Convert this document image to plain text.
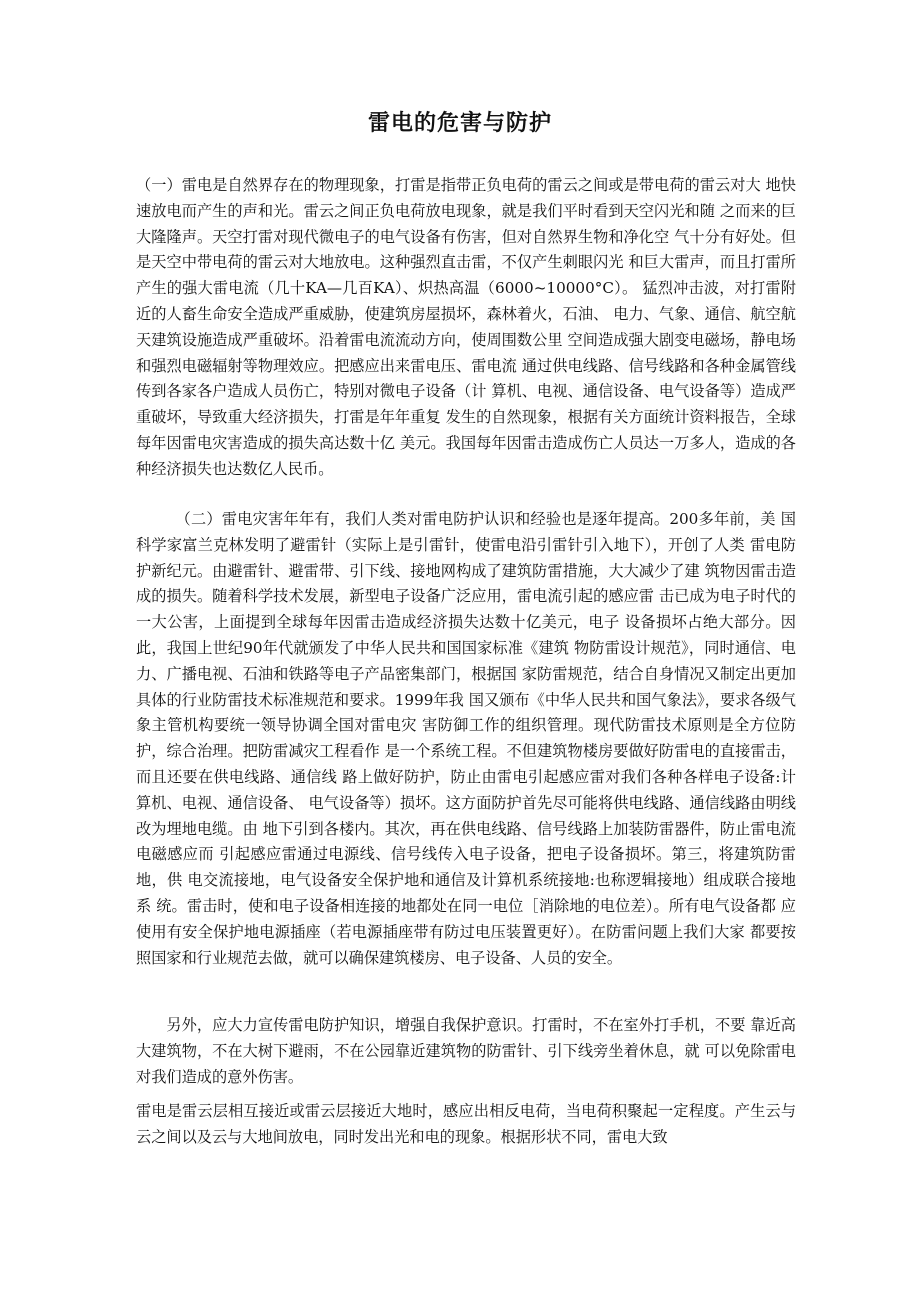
雷电的危害与防护

（一）雷电是自然界存在的物理现象，打雷是指带正负电荷的雷云之间或是带电荷的雷云对大 地快速放电而产生的声和光。雷云之间正负电荷放电现象，就是我们平时看到天空闪光和随 之而来的巨大隆隆声。天空打雷对现代微电子的电气设备有伤害，但对自然界生物和净化空 气十分有好处。但是天空中带电荷的雷云对大地放电。这种强烈直击雷，不仅产生刺眼闪光 和巨大雷声，而且打雷所产生的强大雷电流（几十KA—几百KA）、炽热高温（6000~10000°C）。 猛烈冲击波，对打雷附近的人畜生命安全造成严重威胁，使建筑房屋损坏，森林着火，石油、 电力、气象、通信、航空航天建筑设施造成严重破坏。沿着雷电流流动方向，使周围数公里 空间造成强大剧变电磁场，静电场和强烈电磁辐射等物理效应。把感应出来雷电压、雷电流 通过供电线路、信号线路和各种金属管线传到各家各户造成人员伤亡，特别对微电子设备（计 算机、电视、通信设备、电气设备等）造成严重破坏，导致重大经济损失，打雷是年年重复 发生的自然现象，根据有关方面统计资料报告，全球每年因雷电灾害造成的损失高达数十亿 美元。我国每年因雷击造成伤亡人员达一万多人，造成的各种经济损失也达数亿人民币。

（二）雷电灾害年年有，我们人类对雷电防护认识和经验也是逐年提高。200多年前，美 国科学家富兰克林发明了避雷针（实际上是引雷针，使雷电沿引雷针引入地下），开创了人类 雷电防护新纪元。由避雷针、避雷带、引下线、接地网构成了建筑防雷措施，大大减少了建 筑物因雷击造成的损失。随着科学技术发展，新型电子设备广泛应用，雷电流引起的感应雷 击已成为电子时代的一大公害，上面提到全球每年因雷击造成经济损失达数十亿美元，电子 设备损坏占绝大部分。因此，我国上世纪90年代就颁发了中华人民共和国国家标准《建筑 物防雷设计规范》，同时通信、电力、广播电视、石油和铁路等电子产品密集部门，根据国 家防雷规范，结合自身情况又制定出更加具体的行业防雷技术标准规范和要求。1999年我 国又颁布《中华人民共和国气象法》，要求各级气象主管机构要统一领导协调全国对雷电灾 害防御工作的组织管理。现代防雷技术原则是全方位防护，综合治理。把防雷减灾工程看作 是一个系统工程。不但建筑物楼房要做好防雷电的直接雷击，而且还要在供电线路、通信线 路上做好防护，防止由雷电引起感应雷对我们各种各样电子设备:计算机、电视、通信设备、 电气设备等）损坏。这方面防护首先尽可能将供电线路、通信线路由明线改为埋地电缆。由 地下引到各楼内。其次，再在供电线路、信号线路上加装防雷器件，防止雷电流电磁感应而 引起感应雷通过电源线、信号线传入电子设备，把电子设备损坏。第三，将建筑防雷地，供 电交流接地，电气设备安全保护地和通信及计算机系统接地:也称逻辑接地）组成联合接地系 统。雷击时，使和电子设备相连接的地都处在同一电位［消除地的电位差）。所有电气设备都 应使用有安全保护地电源插座（若电源插座带有防过电压装置更好）。在防雷问题上我们大家 都要按照国家和行业规范去做，就可以确保建筑楼房、电子设备、人员的安全。

另外，应大力宣传雷电防护知识，增强自我保护意识。打雷时，不在室外打手机，不要 靠近高大建筑物，不在大树下避雨，不在公园靠近建筑物的防雷针、引下线旁坐着休息，就 可以免除雷电对我们造成的意外伤害。

雷电是雷云层相互接近或雷云层接近大地时，感应出相反电荷，当电荷积聚起一定程度。产生云与云之间以及云与大地间放电，同时发出光和电的现象。根据形状不同，雷电大致
